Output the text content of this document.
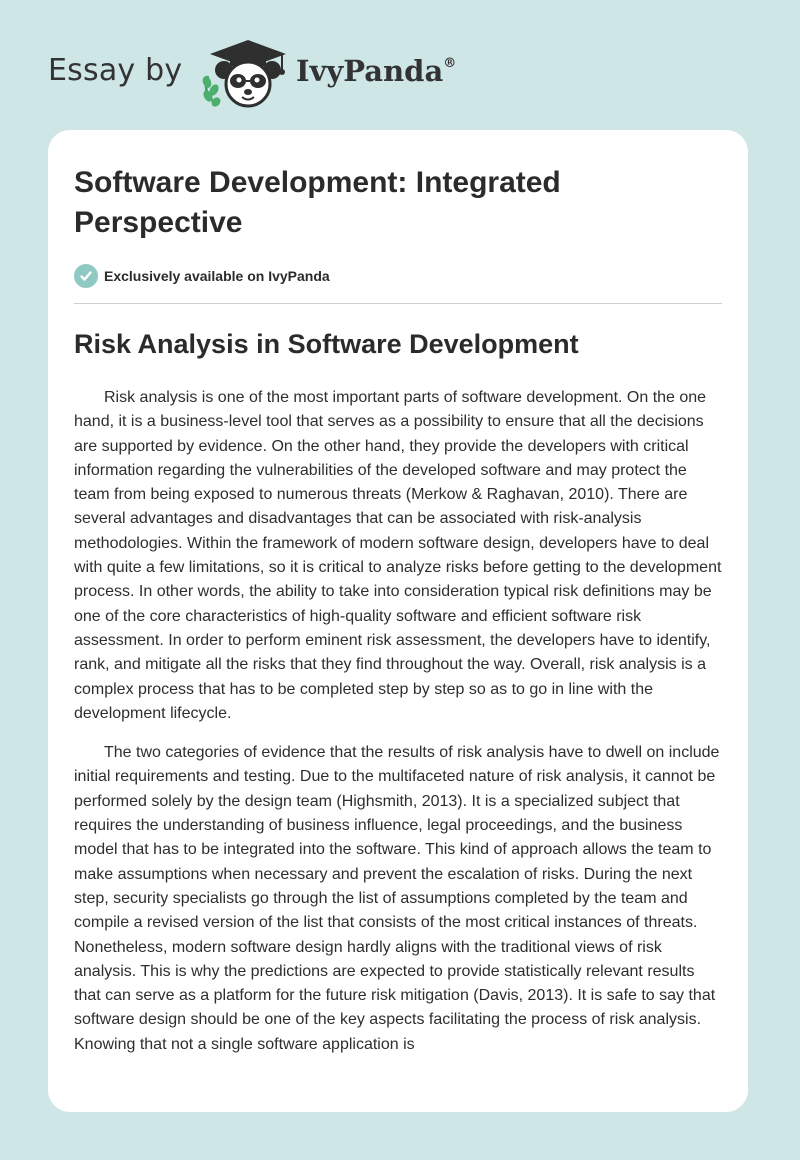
Essay by	IvyPanda®
Software Development: Integrated Perspective
Exclusively available on IvyPanda
Risk Analysis in Software Development

Risk analysis is one of the most important parts of software development. On the one hand, it is a business-level tool that serves as a possibility to ensure that all the decisions are supported by evidence. On the other hand, they provide the developers with critical information regarding the vulnerabilities of the developed software and may protect the team from being exposed to numerous threats (Merkow & Raghavan, 2010). There are several advantages and disadvantages that can be associated with risk-analysis methodologies. Within the framework of modern software design, developers have to deal with quite a few limitations, so it is critical to analyze risks before getting to the development process. In other words, the ability to take into consideration typical risk definitions may be one of the core characteristics of high-quality software and efficient software risk assessment. In order to perform eminent risk assessment, the developers have to identify, rank, and mitigate all the risks that they find throughout the way. Overall, risk analysis is a complex process that has to be completed step by step so as to go in line with the development lifecycle.

The two categories of evidence that the results of risk analysis have to dwell on include initial requirements and testing. Due to the multifaceted nature of risk analysis, it cannot be performed solely by the design team (Highsmith, 2013). It is a specialized subject that requires the understanding of business influence, legal proceedings, and the business model that has to be integrated into the software. This kind of approach allows the team to make assumptions when necessary and prevent the escalation of risks. During the next step, security specialists go through the list of assumptions completed by the team and compile a revised version of the list that consists of the most critical instances of threats. Nonetheless, modern software design hardly aligns with the traditional views of risk analysis. This is why the predictions are expected to provide statistically relevant results that can serve as a platform for the future risk mitigation (Davis, 2013). It is safe to say that software design should be one of the key aspects facilitating the process of risk analysis. Knowing that not a single software application is
